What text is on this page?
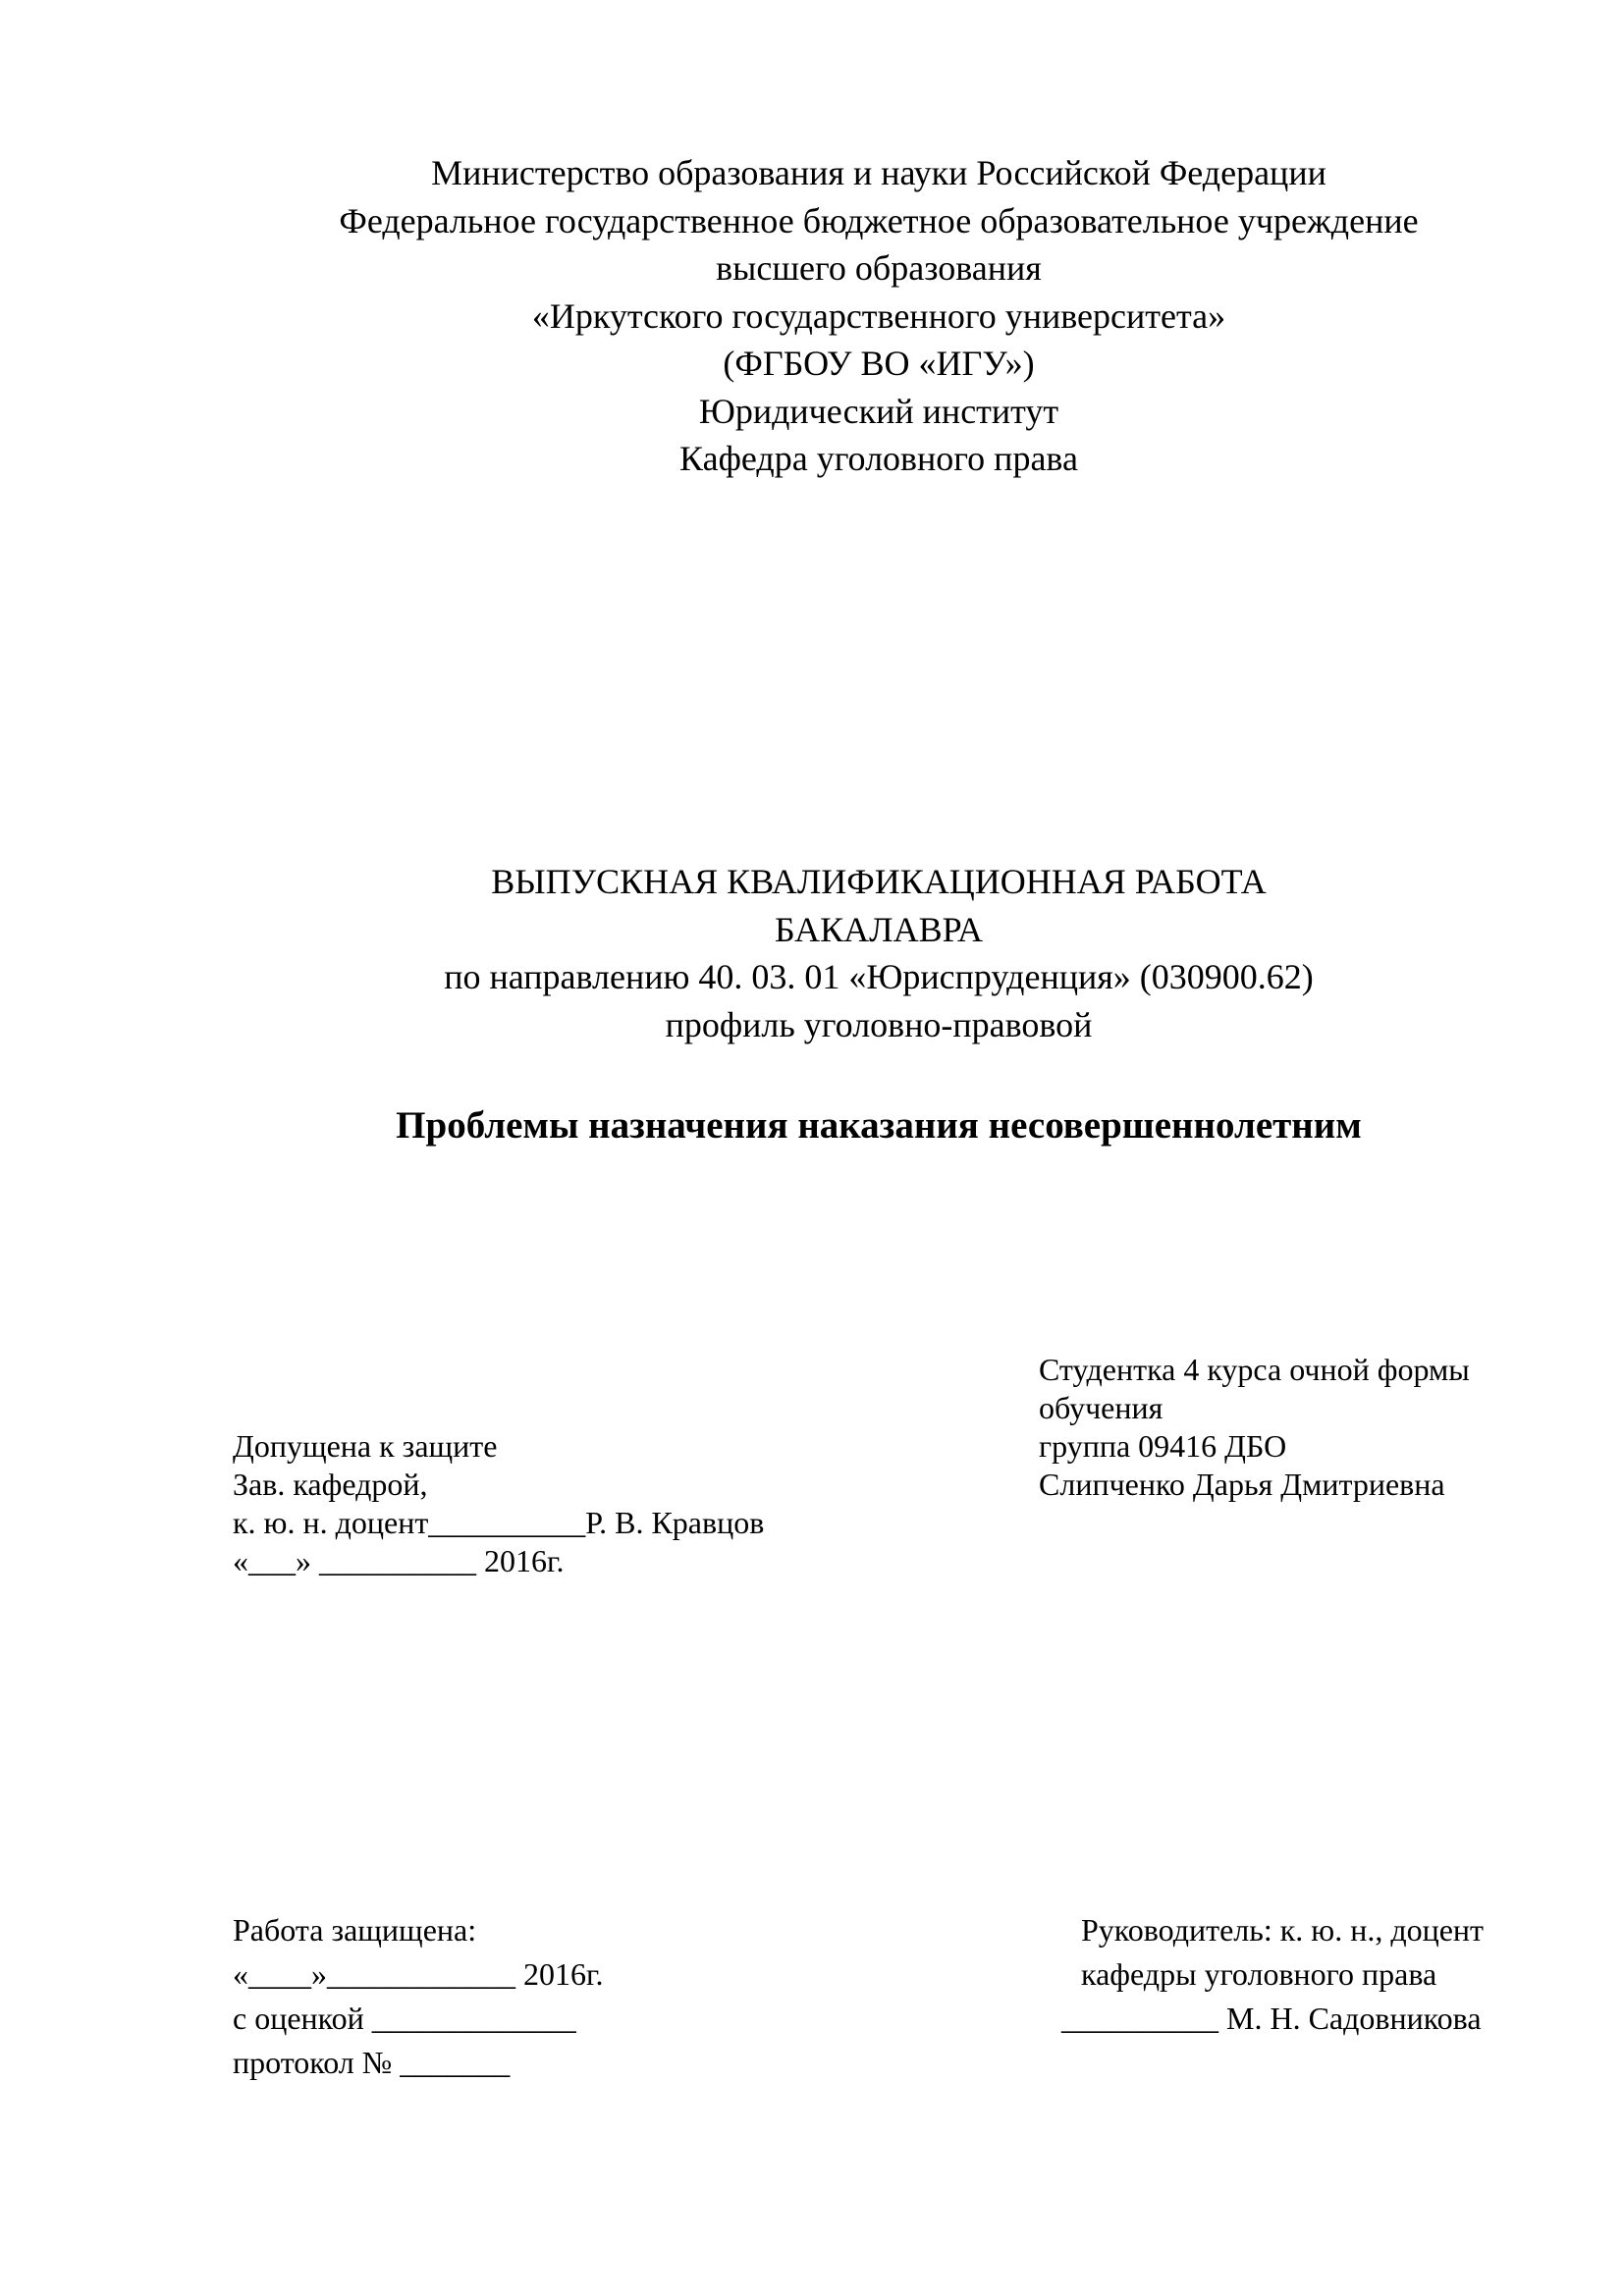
Министерство образования и науки Российской Федерации
Федеральное государственное бюджетное образовательное учреждение
высшего образования
«Иркутского государственного университета»
(ФГБОУ ВО «ИГУ»)
Юридический институт
Кафедра уголовного права
ВЫПУСКНАЯ КВАЛИФИКАЦИОННАЯ РАБОТА
БАКАЛАВРА
по направлению 40. 03. 01 «Юриспруденция» (030900.62)
профиль уголовно-правовой
Проблемы назначения наказания несовершеннолетним
Студентка 4 курса очной формы
обучения
группа 09416 ДБО
Слипченко Дарья Дмитриевна
Допущена к защите
Зав. кафедрой,
к. ю. н. доцент__________Р. В. Кравцов
«___» __________ 2016г.
Работа защищена:
«____»____________ 2016г.
с оценкой _____________
протокол № _______
Руководитель: к. ю. н., доцент
кафедры уголовного права
__________ М. Н. Садовникова
